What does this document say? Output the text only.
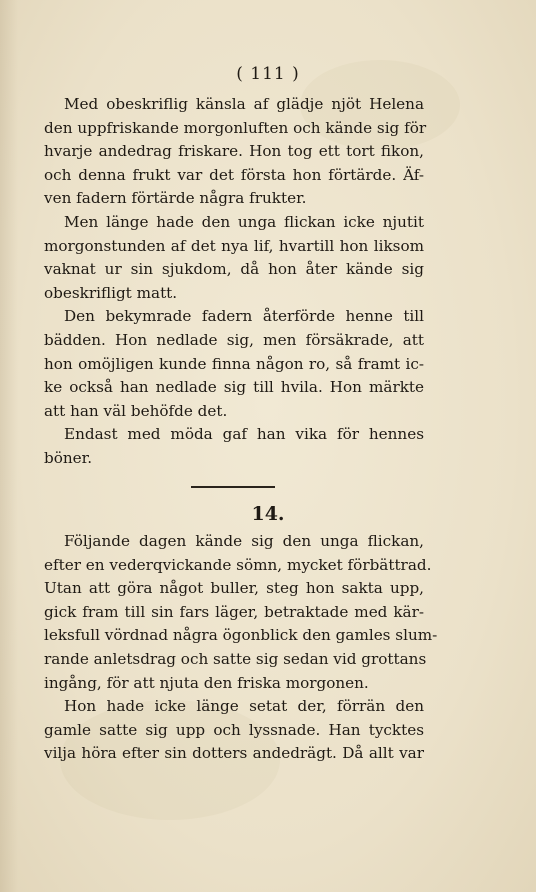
( 111 )
Med obeskriflig känsla af glädje njöt Helena
den uppfriskande morgonluften och kände sig för
hvarje andedrag friskare. Hon tog ett tort fikon,
och denna frukt var det första hon förtärde. Äf-
ven fadern förtärde några frukter.
Men länge hade den unga flickan icke njutit
morgonstunden af det nya lif, hvartill hon liksom
vaknat ur sin sjukdom, då hon åter kände sig
obeskrifligt matt.
Den bekymrade fadern återförde henne till
bädden. Hon nedlade sig, men försäkrade, att
hon omöjligen kunde finna någon ro, så framt ic-
ke också han nedlade sig till hvila. Hon märkte
att han väl behöfde det.
Endast med möda gaf han vika för hennes
böner.
14.
Följande dagen kände sig den unga flickan,
efter en vederqvickande sömn, mycket förbättrad.
Utan att göra något buller, steg hon sakta upp,
gick fram till sin fars läger, betraktade med kär-
leksfull vördnad några ögonblick den gamles slum-
rande anletsdrag och satte sig sedan vid grottans
ingång, för att njuta den friska morgonen.
Hon hade icke länge setat der, förrän den
gamle satte sig upp och lyssnade. Han tycktes
vilja höra efter sin dotters andedrägt. Då allt var
